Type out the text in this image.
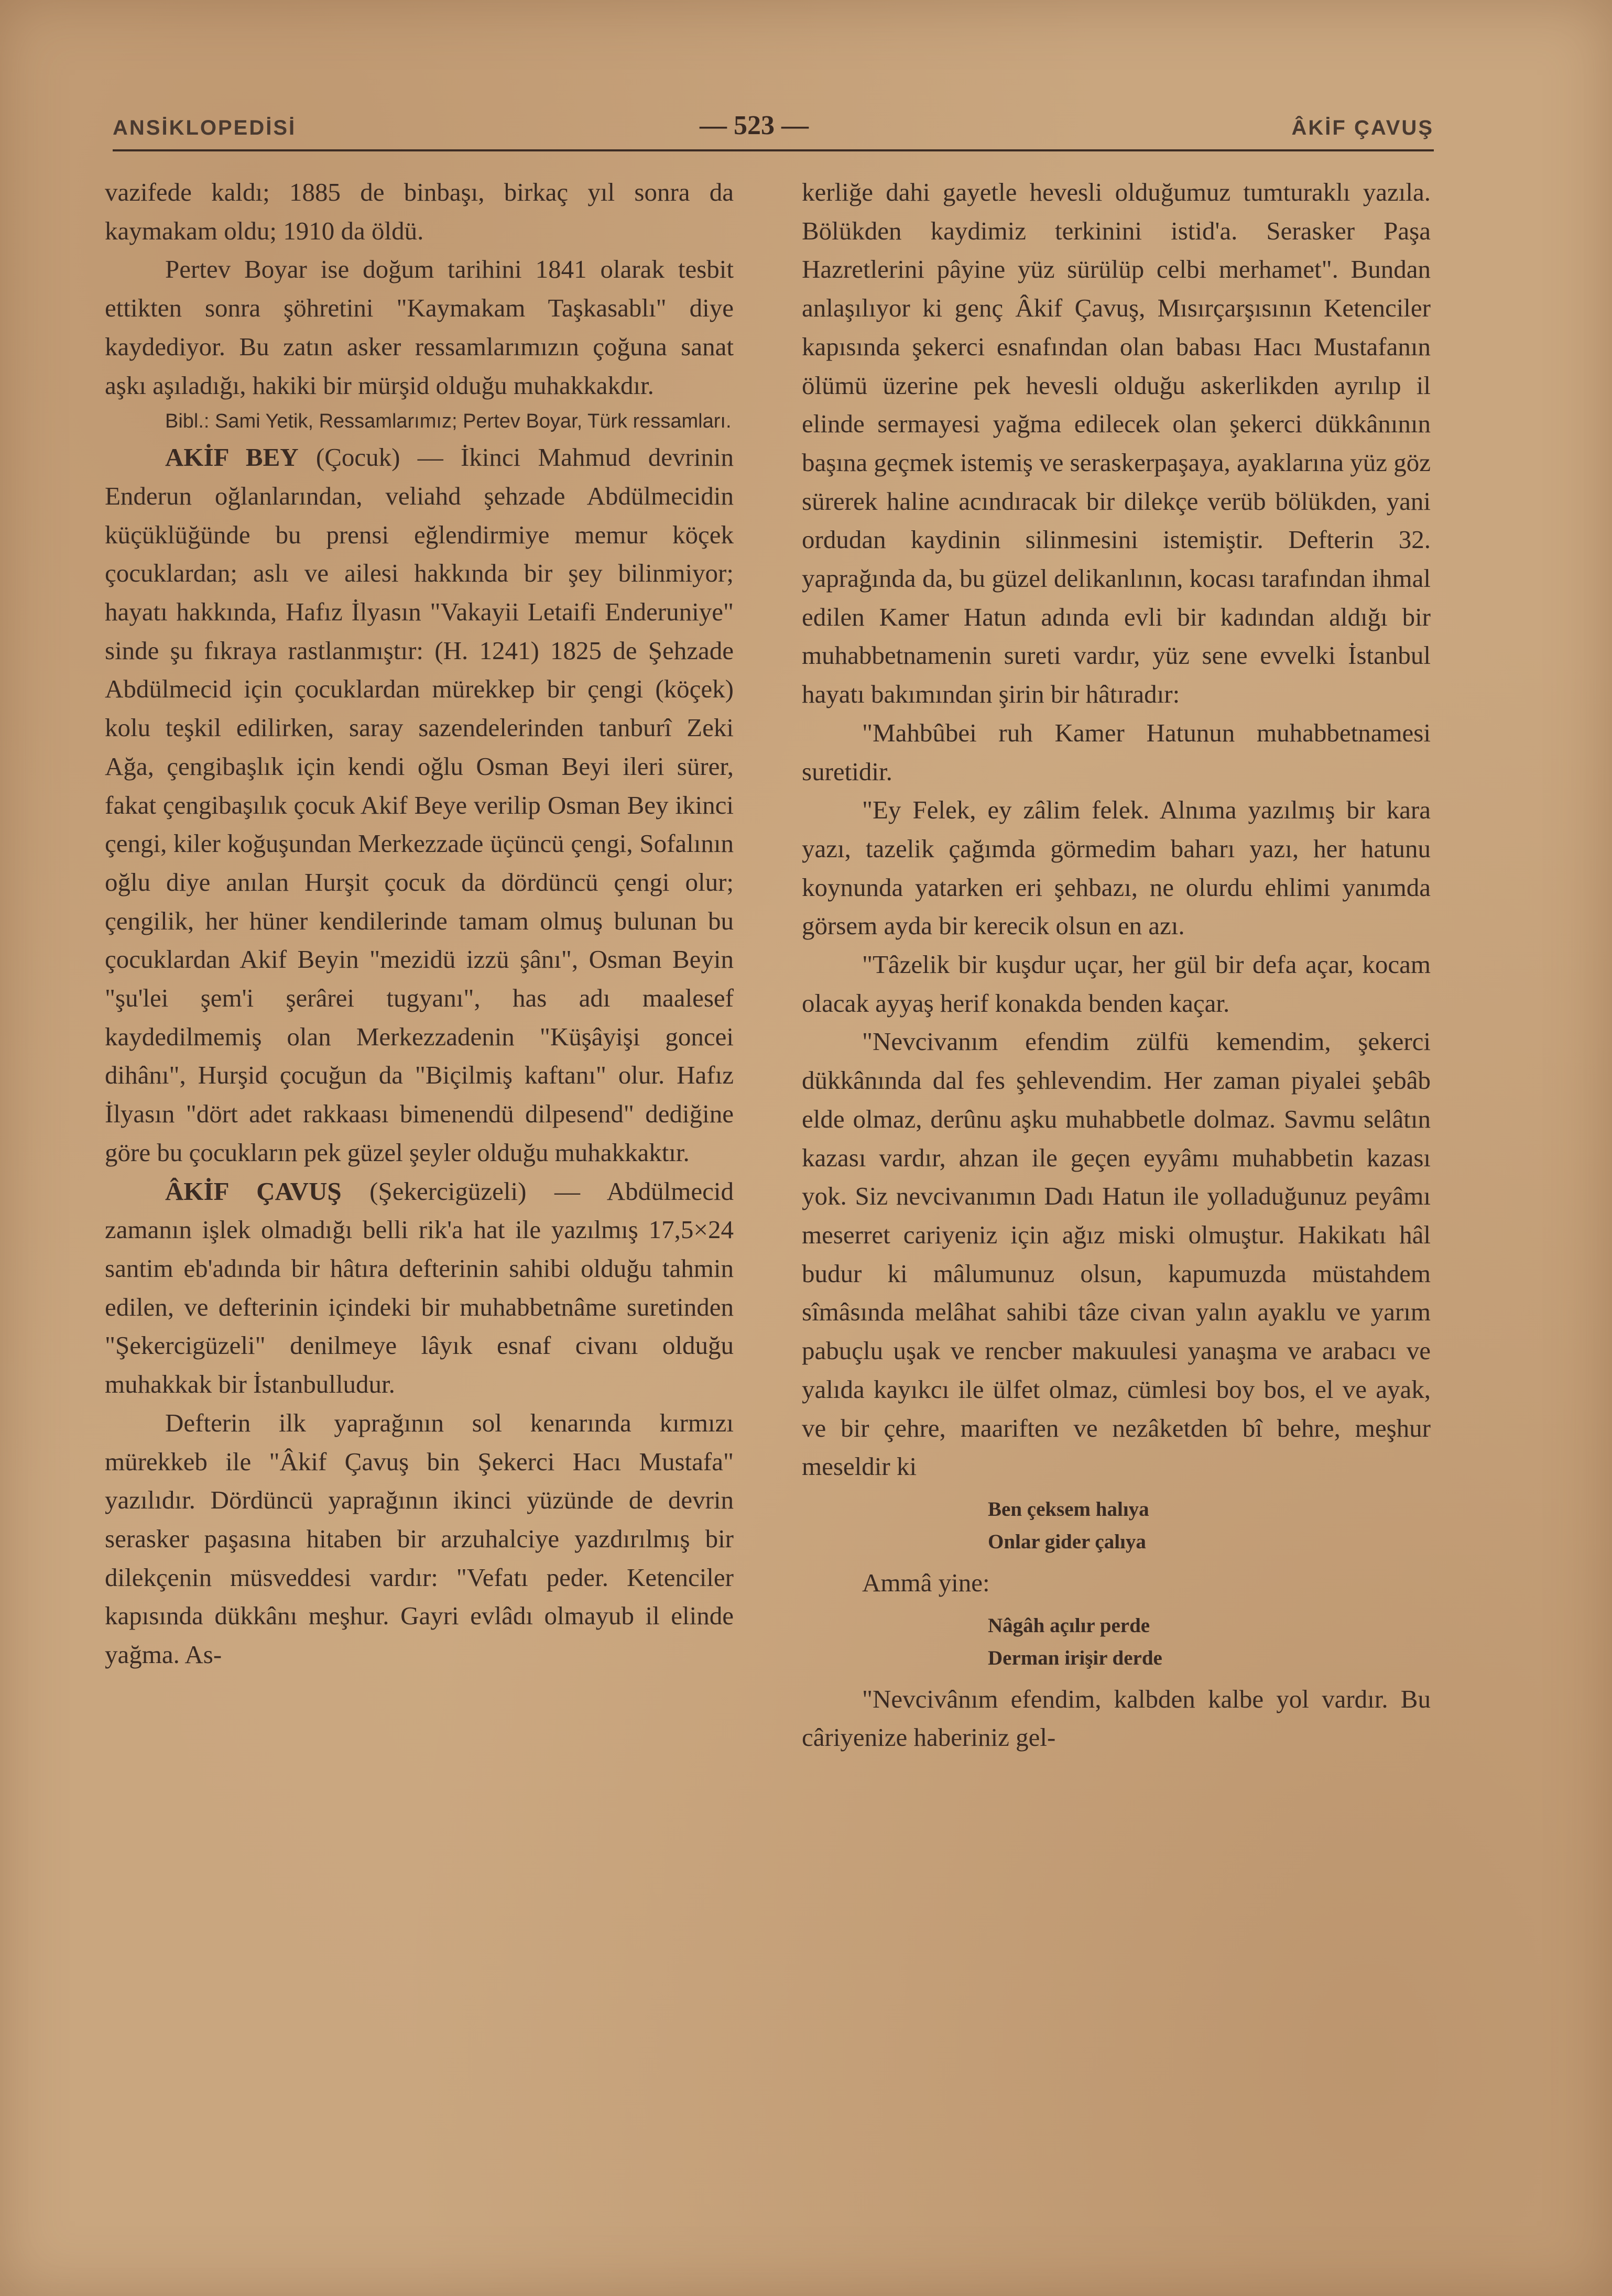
ANSİKLOPEDİSİ	— 523 —	ÂKİF ÇAVUŞ

vazifede kaldı; 1885 de binbaşı, birkaç yıl sonra da kaymakam oldu; 1910 da öldü.

Pertev Boyar ise doğum tarihini 1841 olarak tesbit ettikten sonra şöhretini "Kaymakam Taşkasablı" diye kaydediyor. Bu zatın asker ressamlarımızın çoğuna sanat aşkı aşıladığı, hakiki bir mürşid olduğu muhakkakdır.

Bibl.: Sami Yetik, Ressamlarımız; Pertev Boyar, Türk ressamları.

AKİF BEY (Çocuk) — İkinci Mahmud devrinin Enderun oğlanlarından, veliahd şehzade Abdülmecidin küçüklüğünde bu prensi eğlendirmiye memur köçek çocuklardan; aslı ve ailesi hakkında bir şey bilinmiyor; hayatı hakkında, Hafız İlyasın "Vakayii Letaifi Enderuniye" sinde şu fıkraya rastlanmıştır: (H. 1241) 1825 de Şehzade Abdülmecid için çocuklardan mürekkep bir çengi (köçek) kolu teşkil edilirken, saray sazendelerinden tanburî Zeki Ağa, çengibaşlık için kendi oğlu Osman Beyi ileri sürer, fakat çengibaşılık çocuk Akif Beye verilip Osman Bey ikinci çengi, kiler koğuşundan Merkezzade üçüncü çengi, Sofalının oğlu diye anılan Hurşit çocuk da dördüncü çengi olur; çengilik, her hüner kendilerinde tamam olmuş bulunan bu çocuklardan Akif Beyin "mezidü izzü şânı", Osman Beyin "şu'lei şem'i şerârei tugyanı", has adı maalesef kaydedilmemiş olan Merkezzadenin "Küşâyişi goncei dihânı", Hurşid çocuğun da "Biçilmiş kaftanı" olur. Hafız İlyasın "dört adet rakkaası bimenendü dilpesend" dediğine göre bu çocukların pek güzel şeyler olduğu muhakkaktır.

ÂKİF ÇAVUŞ (Şekercigüzeli) — Abdülmecid zamanın işlek olmadığı belli rik'a hat ile yazılmış 17,5×24 santim eb'adında bir hâtıra defterinin sahibi olduğu tahmin edilen, ve defterinin içindeki bir muhabbetnâme suretinden "Şekercigüzeli" denilmeye lâyık esnaf civanı olduğu muhakkak bir İstanbulludur.

Defterin ilk yaprağının sol kenarında kırmızı mürekkeb ile "Âkif Çavuş bin Şekerci Hacı Mustafa" yazılıdır. Dördüncü yaprağının ikinci yüzünde de devrin serasker paşasına hitaben bir arzuhalciye yazdırılmış bir dilekçenin müsveddesi vardır: "Vefatı peder. Ketenciler kapısında dükkânı meşhur. Gayri evlâdı olmayub il elinde yağma. As-

kerliğe dahi gayetle hevesli olduğumuz tumturaklı yazıla. Bölükden kaydimiz terkinini istid'a. Serasker Paşa Hazretlerini pâyine yüz sürülüp celbi merhamet". Bundan anlaşılıyor ki genç Âkif Çavuş, Mısırçarşısının Ketenciler kapısında şekerci esnafından olan babası Hacı Mustafanın ölümü üzerine pek hevesli olduğu askerlikden ayrılıp il elinde sermayesi yağma edilecek olan şekerci dükkânının başına geçmek istemiş ve seraskerpaşaya, ayaklarına yüz göz sürerek haline acındıracak bir dilekçe verüb bölükden, yani ordudan kaydinin silinmesini istemiştir. Defterin 32. yaprağında da, bu güzel delikanlının, kocası tarafından ihmal edilen Kamer Hatun adında evli bir kadından aldığı bir muhabbetnamenin sureti vardır, yüz sene evvelki İstanbul hayatı bakımından şirin bir hâtıradır:

"Mahbûbei ruh Kamer Hatunun muhabbetnamesi suretidir.

"Ey Felek, ey zâlim felek. Alnıma yazılmış bir kara yazı, tazelik çağımda görmedim baharı yazı, her hatunu koynunda yatarken eri şehbazı, ne olurdu ehlimi yanımda görsem ayda bir kerecik olsun en azı.

"Tâzelik bir kuşdur uçar, her gül bir defa açar, kocam olacak ayyaş herif konakda benden kaçar.

"Nevcivanım efendim zülfü kemendim, şekerci dükkânında dal fes şehlevendim. Her zaman piyalei şebâb elde olmaz, derûnu aşku muhabbetle dolmaz. Savmu selâtın kazası vardır, ahzan ile geçen eyyâmı muhabbetin kazası yok. Siz nevcivanımın Dadı Hatun ile yolladuğunuz peyâmı meserret cariyeniz için ağız miski olmuştur. Hakikatı hâl budur ki mâlumunuz olsun, kapumuzda müstahdem sîmâsında melâhat sahibi tâze civan yalın ayaklu ve yarım pabuçlu uşak ve rencber makuulesi yanaşma ve arabacı ve yalıda kayıkcı ile ülfet olmaz, cümlesi boy bos, el ve ayak, ve bir çehre, maariften ve nezâketden bî behre, meşhur meseldir ki

Ben çeksem halıya

Onlar gider çalıya

Ammâ yine:

Nâgâh açılır perde

Derman irişir derde

"Nevcivânım efendim, kalbden kalbe yol vardır. Bu câriyenize haberiniz gel-
